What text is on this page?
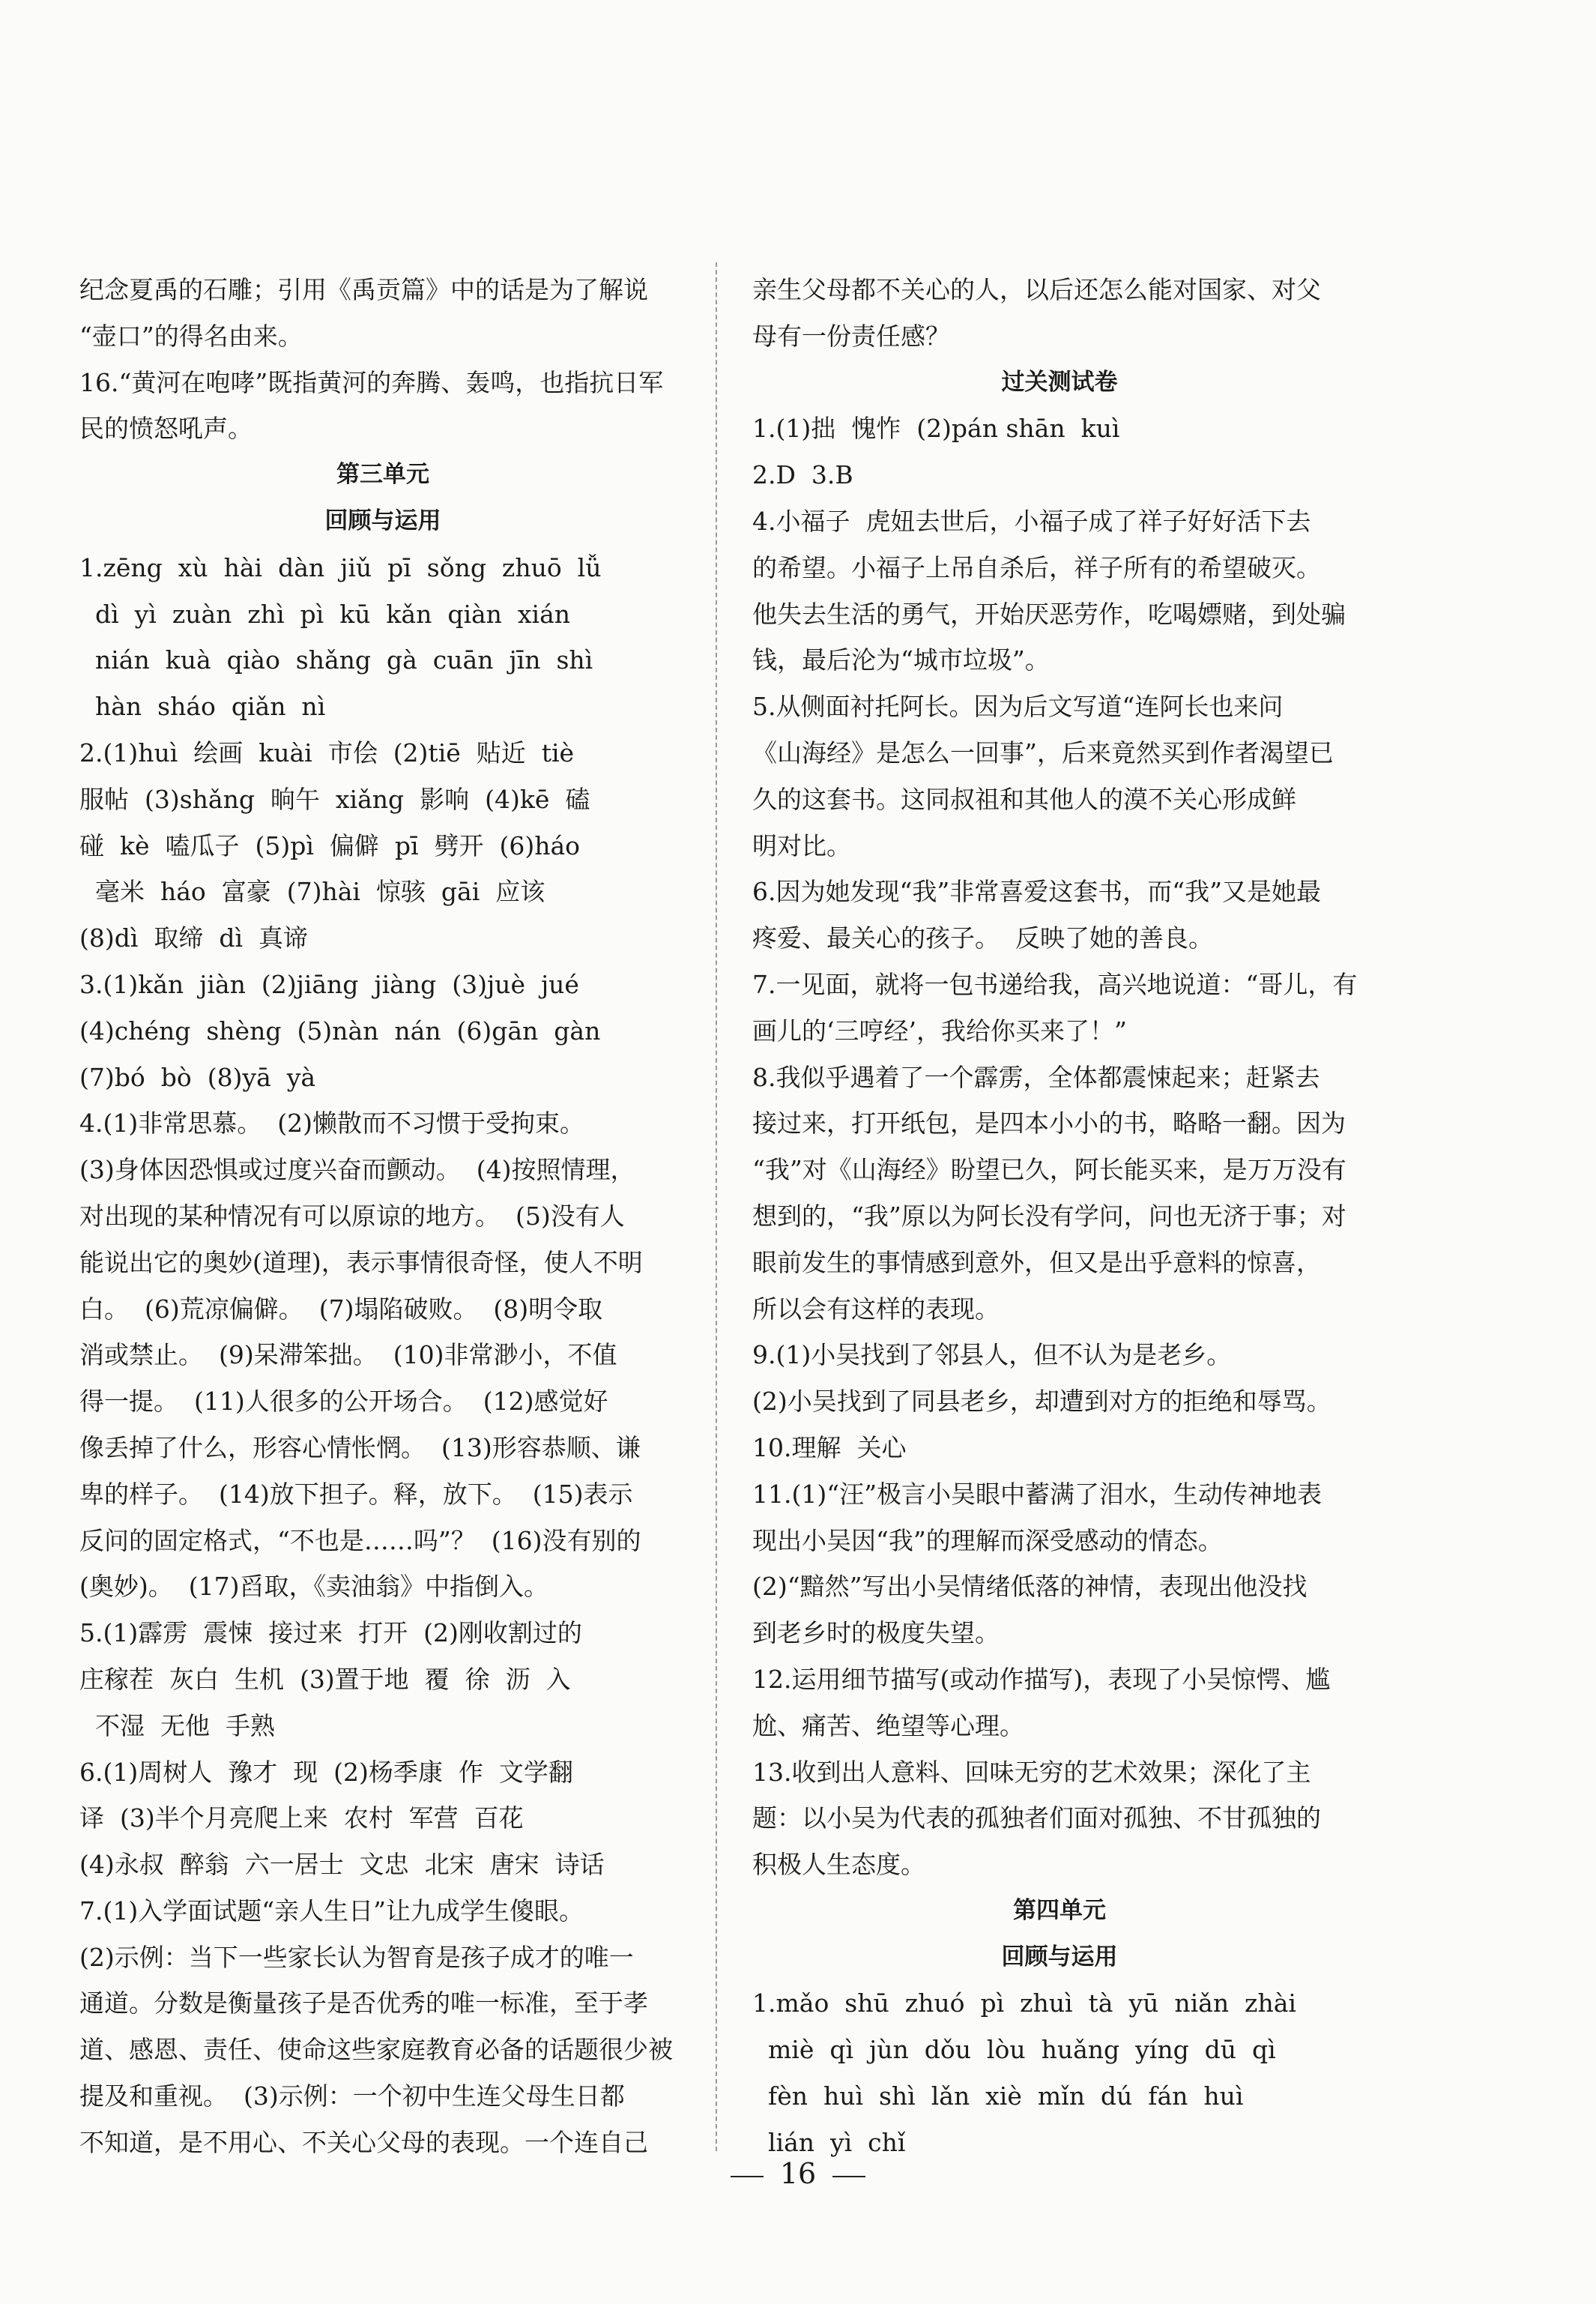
纪念夏禹的石雕；引用《禹贡篇》中的话是为了解说
“壶口”的得名由来。
16.“黄河在咆哮”既指黄河的奔腾、轰鸣，也指抗日军
民的愤怒吼声。
第三单元
回顾与运用
1.zēng  xù  hài  dàn  jiǔ  pī  sǒng  zhuō  lǚ
dì  yì  zuàn  zhì  pì  kū  kǎn  qiàn  xián
nián  kuà  qiào  shǎng  gà  cuān  jīn  shì
hàn  sháo  qiǎn  nì
2.(1)huì  绘画  kuài  市侩  (2)tiē  贴近  tiè
服帖  (3)shǎng  晌午  xiǎng  影响  (4)kē  磕
碰  kè  嗑瓜子  (5)pì  偏僻  pī  劈开  (6)háo
毫米  háo  富豪  (7)hài  惊骇  gāi  应该
(8)dì  取缔  dì  真谛
3.(1)kǎn  jiàn  (2)jiāng  jiàng  (3)juè  jué
(4)chéng  shèng  (5)nàn  nán  (6)gān  gàn
(7)bó  bò  (8)yā  yà
4.(1)非常思慕。  (2)懒散而不习惯于受拘束。
(3)身体因恐惧或过度兴奋而颤动。  (4)按照情理，
对出现的某种情况有可以原谅的地方。  (5)没有人
能说出它的奥妙(道理)，表示事情很奇怪，使人不明
白。  (6)荒凉偏僻。  (7)塌陷破败。  (8)明令取
消或禁止。  (9)呆滞笨拙。  (10)非常渺小，不值
得一提。  (11)人很多的公开场合。  (12)感觉好
像丢掉了什么，形容心情怅惘。  (13)形容恭顺、谦
卑的样子。  (14)放下担子。释，放下。  (15)表示
反问的固定格式，“不也是……吗”？  (16)没有别的
(奥妙)。  (17)舀取，《卖油翁》中指倒入。
5.(1)霹雳  震悚  接过来  打开  (2)刚收割过的
庄稼茬  灰白  生机  (3)置于地  覆  徐  沥  入
不湿  无他  手熟
6.(1)周树人  豫才  现  (2)杨季康  作  文学翻
译  (3)半个月亮爬上来  农村  军营  百花
(4)永叔  醉翁  六一居士  文忠  北宋  唐宋  诗话
7.(1)入学面试题“亲人生日”让九成学生傻眼。
(2)示例：当下一些家长认为智育是孩子成才的唯一
通道。分数是衡量孩子是否优秀的唯一标准，至于孝
道、感恩、责任、使命这些家庭教育必备的话题很少被
提及和重视。  (3)示例：一个初中生连父母生日都
不知道，是不用心、不关心父母的表现。一个连自己
亲生父母都不关心的人，以后还怎么能对国家、对父
母有一份责任感？
过关测试卷
1.(1)拙  愧怍  (2)pán shān  kuì
2.D  3.B
4.小福子  虎妞去世后，小福子成了祥子好好活下去
的希望。小福子上吊自杀后，祥子所有的希望破灭。
他失去生活的勇气，开始厌恶劳作，吃喝嫖赌，到处骗
钱，最后沦为“城市垃圾”。
5.从侧面衬托阿长。因为后文写道“连阿长也来问
《山海经》是怎么一回事”，后来竟然买到作者渴望已
久的这套书。这同叔祖和其他人的漠不关心形成鲜
明对比。
6.因为她发现“我”非常喜爱这套书，而“我”又是她最
疼爱、最关心的孩子。  反映了她的善良。
7.一见面，就将一包书递给我，高兴地说道：“哥儿，有
画儿的‘三哼经’，我给你买来了！”
8.我似乎遇着了一个霹雳，全体都震悚起来；赶紧去
接过来，打开纸包，是四本小小的书，略略一翻。因为
“我”对《山海经》盼望已久，阿长能买来，是万万没有
想到的，“我”原以为阿长没有学问，问也无济于事；对
眼前发生的事情感到意外，但又是出乎意料的惊喜，
所以会有这样的表现。
9.(1)小吴找到了邻县人，但不认为是老乡。
(2)小吴找到了同县老乡，却遭到对方的拒绝和辱骂。
10.理解  关心
11.(1)“汪”极言小吴眼中蓄满了泪水，生动传神地表
现出小吴因“我”的理解而深受感动的情态。
(2)“黯然”写出小吴情绪低落的神情，表现出他没找
到老乡时的极度失望。
12.运用细节描写(或动作描写)，表现了小吴惊愕、尴
尬、痛苦、绝望等心理。
13.收到出人意料、回味无穷的艺术效果；深化了主
题：以小吴为代表的孤独者们面对孤独、不甘孤独的
积极人生态度。
第四单元
回顾与运用
1.mǎo  shū  zhuó  pì  zhuì  tà  yū  niǎn  zhài
miè  qì  jùn  dǒu  lòu  huǎng  yíng  dū  qì
fèn  huì  shì  lǎn  xiè  mǐn  dú  fán  huì
lián  yì  chǐ
16
